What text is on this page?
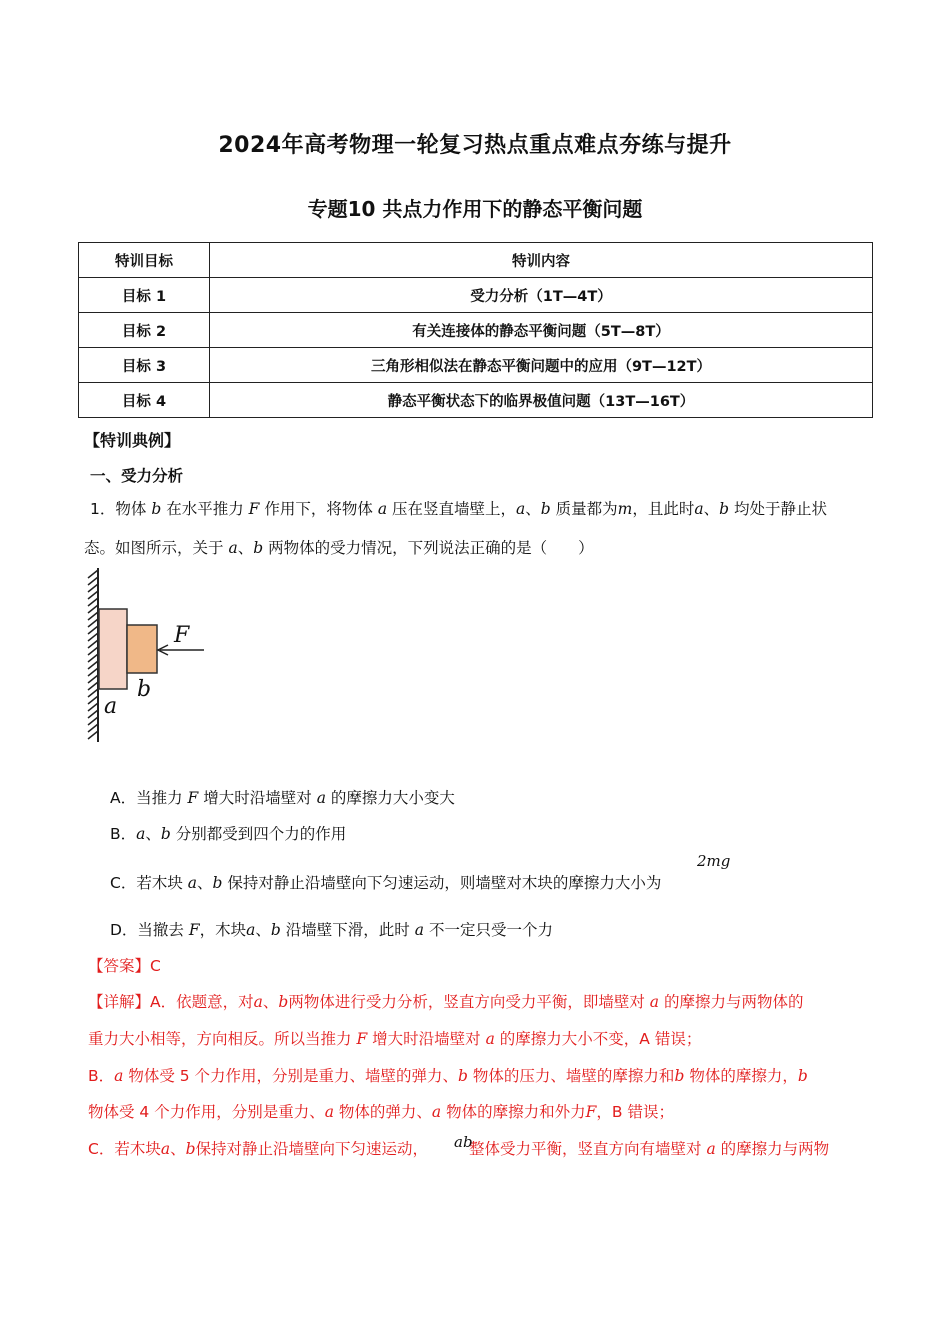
2024年高考物理一轮复习热点重点难点夯练与提升
专题10 共点力作用下的静态平衡问题
特训目标	特训内容
目标 1	受力分析（1T—4T）
目标 2	有关连接体的静态平衡问题（5T—8T）
目标 3	三角形相似法在静态平衡问题中的应用（9T—12T）
目标 4	静态平衡状态下的临界极值问题（13T—16T）
【特训典例】
一、受力分析
1．物体 b 在水平推力 F 作用下，将物体 a 压在竖直墙壁上，a、b 质量都为m，且此时a、b 均处于静止状
态。如图所示，关于 a、b 两物体的受力情况，下列说法正确的是（　　）
F
b
a
A．当推力 F 增大时沿墙壁对 a 的摩擦力大小变大
B．a、b 分别都受到四个力的作用
C．若木块 a、b 保持对静止沿墙壁向下匀速运动，则墙壁对木块的摩擦力大小为
2mg
D．当撤去 F，木块a、b 沿墙壁下滑，此时 a 不一定只受一个力
【答案】C
【详解】A．依题意，对a、b两物体进行受力分析，竖直方向受力平衡，即墙壁对 a 的摩擦力与两物体的
重力大小相等，方向相反。所以当推力 F 增大时沿墙壁对 a 的摩擦力大小不变，A 错误；
B．a 物体受 5 个力作用，分别是重力、墙壁的弹力、b 物体的压力、墙壁的摩擦力和b 物体的摩擦力，b
物体受 4 个力作用，分别是重力、a 物体的弹力、a 物体的摩擦力和外力F，B 错误；
C．若木块a、b保持对静止沿墙壁向下匀速运动，	整体受力平衡，竖直方向有墙壁对 a 的摩擦力与两物
ab
